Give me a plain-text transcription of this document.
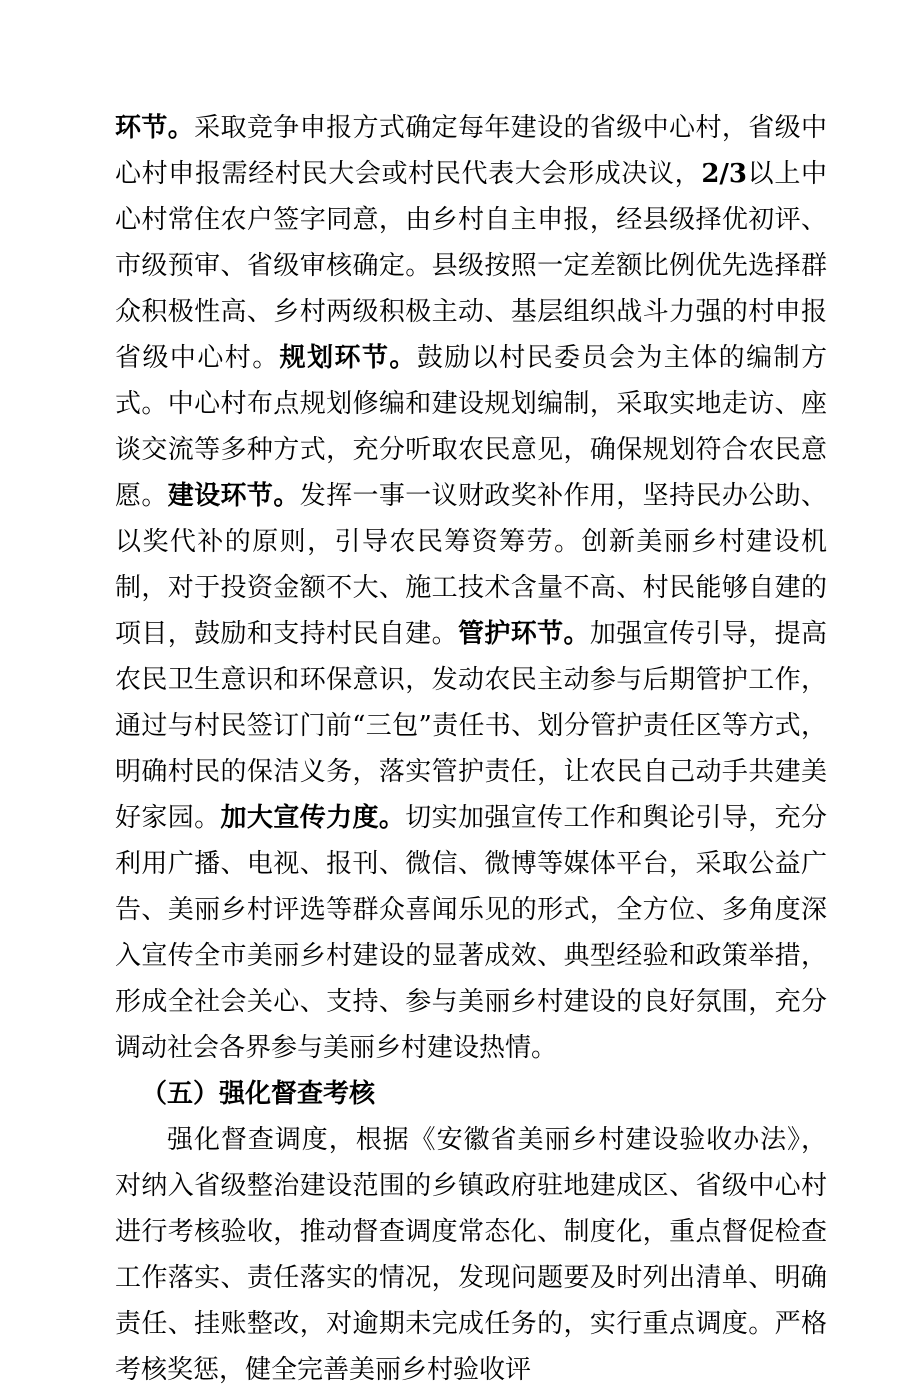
环节。采取竞争申报方式确定每年建设的省级中心村，省级中心村申报需经村民大会或村民代表大会形成决议，2/3以上中心村常住农户签字同意，由乡村自主申报，经县级择优初评、市级预审、省级审核确定。县级按照一定差额比例优先选择群众积极性高、乡村两级积极主动、基层组织战斗力强的村申报省级中心村。规划环节。鼓励以村民委员会为主体的编制方式。中心村布点规划修编和建设规划编制，采取实地走访、座谈交流等多种方式，充分听取农民意见，确保规划符合农民意愿。建设环节。发挥一事一议财政奖补作用，坚持民办公助、以奖代补的原则，引导农民筹资筹劳。创新美丽乡村建设机制，对于投资金额不大、施工技术含量不高、村民能够自建的项目，鼓励和支持村民自建。管护环节。加强宣传引导，提高农民卫生意识和环保意识，发动农民主动参与后期管护工作，通过与村民签订门前“三包”责任书、划分管护责任区等方式，明确村民的保洁义务，落实管护责任，让农民自己动手共建美好家园。加大宣传力度。切实加强宣传工作和舆论引导，充分利用广播、电视、报刊、微信、微博等媒体平台，采取公益广告、美丽乡村评选等群众喜闻乐见的形式，全方位、多角度深入宣传全市美丽乡村建设的显著成效、典型经验和政策举措，形成全社会关心、支持、参与美丽乡村建设的良好氛围，充分调动社会各界参与美丽乡村建设热情。

（五）强化督查考核

强化督查调度，根据《安徽省美丽乡村建设验收办法》，对纳入省级整治建设范围的乡镇政府驻地建成区、省级中心村进行考核验收，推动督查调度常态化、制度化，重点督促检查工作落实、责任落实的情况，发现问题要及时列出清单、明确责任、挂账整改，对逾期未完成任务的，实行重点调度。严格考核奖惩，健全完善美丽乡村验收评
